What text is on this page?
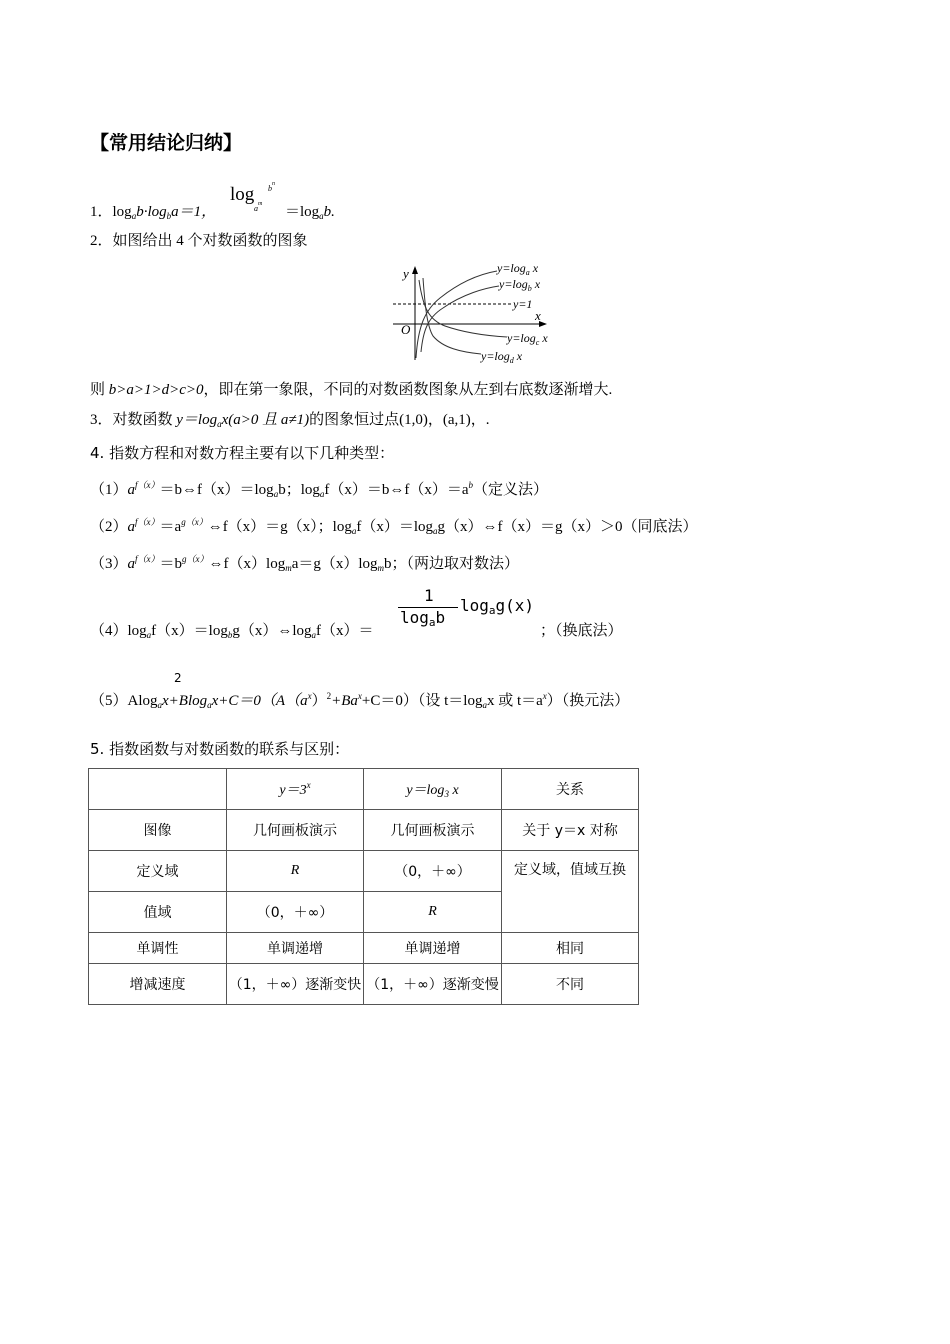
【常用结论归纳】
1．$\log_ab\cdot\log_ba=1$，
log
$a^m$
$b^n$
$=\log_ab$.
2．如图给出 4 个对数函数的图象
y
x
O
$y=\log_a$ x
$y=\log_b$ x
y=1
$y=\log_c$ x
$y=\log_d$ x
则 b>a>1>d>c>0，即在第一象限，不同的对数函数图象从左到右底数逐渐增大.
3．对数函数 $y=\log_ax(a>0$ 且 a≠1)的图象恒过点(1,0)，(a,1)，.
4. 指数方程和对数方程主要有以下几种类型：
$(1)a^{f(x)}=b\Leftrightarrow f(x)=\log_ab$；$\log_af(x)=b\Leftrightarrow f(x)=a^b$（定义法）
$(2)a^{f(x)}=a^{g(x)}\Leftrightarrow f(x)=g(x)$；$\log_af(x)=\log_ag(x)\Leftrightarrow f(x)=g(x)>0$（同底法）
$(3)a^{f(x)}=b^{g(x)}\Leftrightarrow f(x)\log_ma=g(x)\log_mb$；（两边取对数法）
$(4)\log_af(x)=\log_bg(x)\Leftrightarrow\log_af(x)=$
1
$\log_ab$
$\log_ag(x)$
；（换底法）
2
$(5)Alog_ax+Blog_ax+C=0(A(a^x)^2+Ba^x+C=0)$（设 $t=\log_ax$ 或 $t=a^x$）（换元法）
5. 指数函数与对数函数的联系与区别：
	$y=3^x$	$y=\log_3$ x	关系
图像	几何画板演示	几何画板演示	关于 y＝x 对称
定义域	R	（0，＋∞）	定义域，值域互换
值域	（0，＋∞）	R	
单调性	单调递增	单调递增	相同
增减速度	（1，＋∞）逐渐变快	（1，＋∞）逐渐变慢	不同
